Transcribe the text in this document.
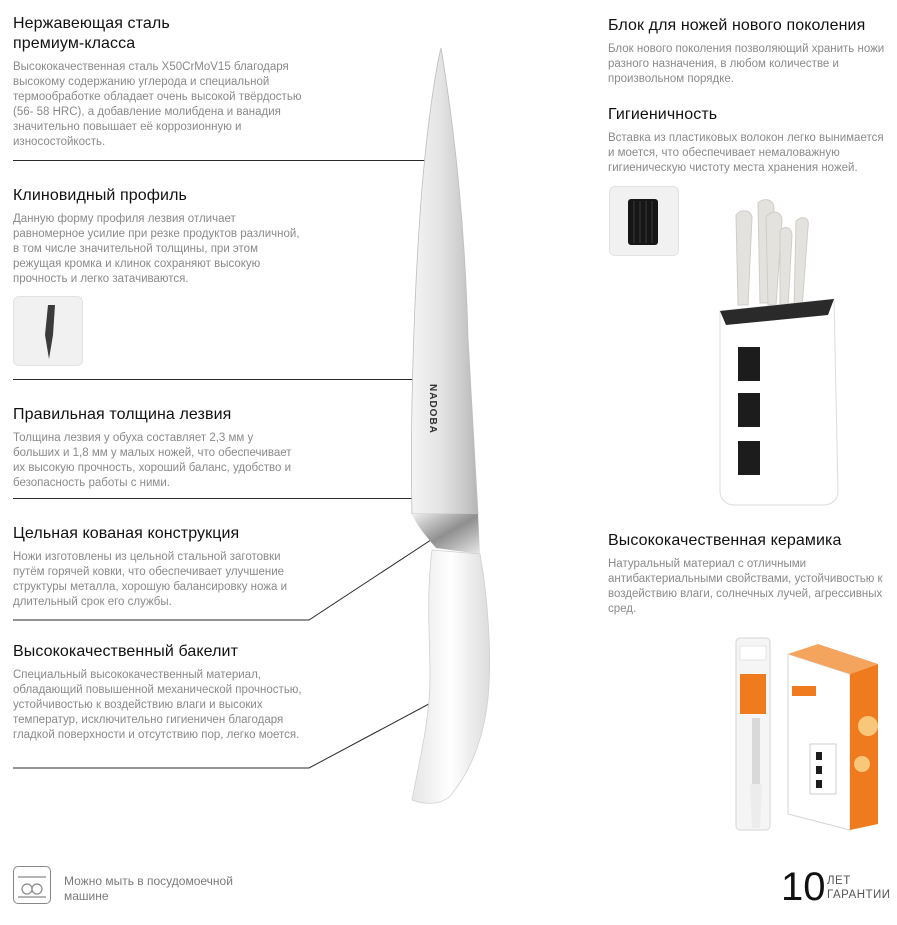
Нержавеющая сталь
премиум-класса

Высококачественная сталь X50CrMoV15 благодаря высокому содержанию углерода и специальной термообработке обладает очень высокой твёрдостью (56- 58 HRC), а добавление молибдена и ванадия значительно повышает её коррозионную и износостойкость.

Клиновидный профиль

Данную форму профиля лезвия отличает равномерное усилие при резке продуктов различной, в том числе значительной толщины, при этом режущая кромка и клинок сохраняют высокую прочность и легко затачиваются.

Правильная толщина лезвия

Толщина лезвия у обуха составляет 2,3 мм у больших и 1,8 мм у малых ножей, что обеспечивает их высокую прочность, хороший баланс, удобство и безопасность работы с ними.

Цельная кованая конструкция

Ножи изготовлены из цельной стальной заготовки путём горячей ковки, что обеспечивает улучшение структуры металла, хорошую балансировку ножа и длительный срок его службы.

Высококачественный бакелит

Специальный высококачественный материал, обладающий повышенной механической прочностью, устойчивостью к воздействию влаги и высоких температур, исключительно гигиеничен благодаря гладкой поверхности и отсутствию пор, легко моется.

NADOBA
Блок для ножей нового поколения

Блок нового поколения позволяющий хранить ножи разного назначения, в любом количестве и произвольном порядке.

Гигиеничность

Вставка из пластиковых волокон легко вынимается и моется, что обеспечивает немаловажную гигиеническую чистоту места хранения ножей.

Высококачественная керамика

Натуральный материал с отличными антибактериальными свойствами, устойчивостью к воздействию влаги, солнечных лучей, агрессивных сред.

Можно мыть в посудомоечной
машине	10 ЛЕТ
ГАРАНТИИ
